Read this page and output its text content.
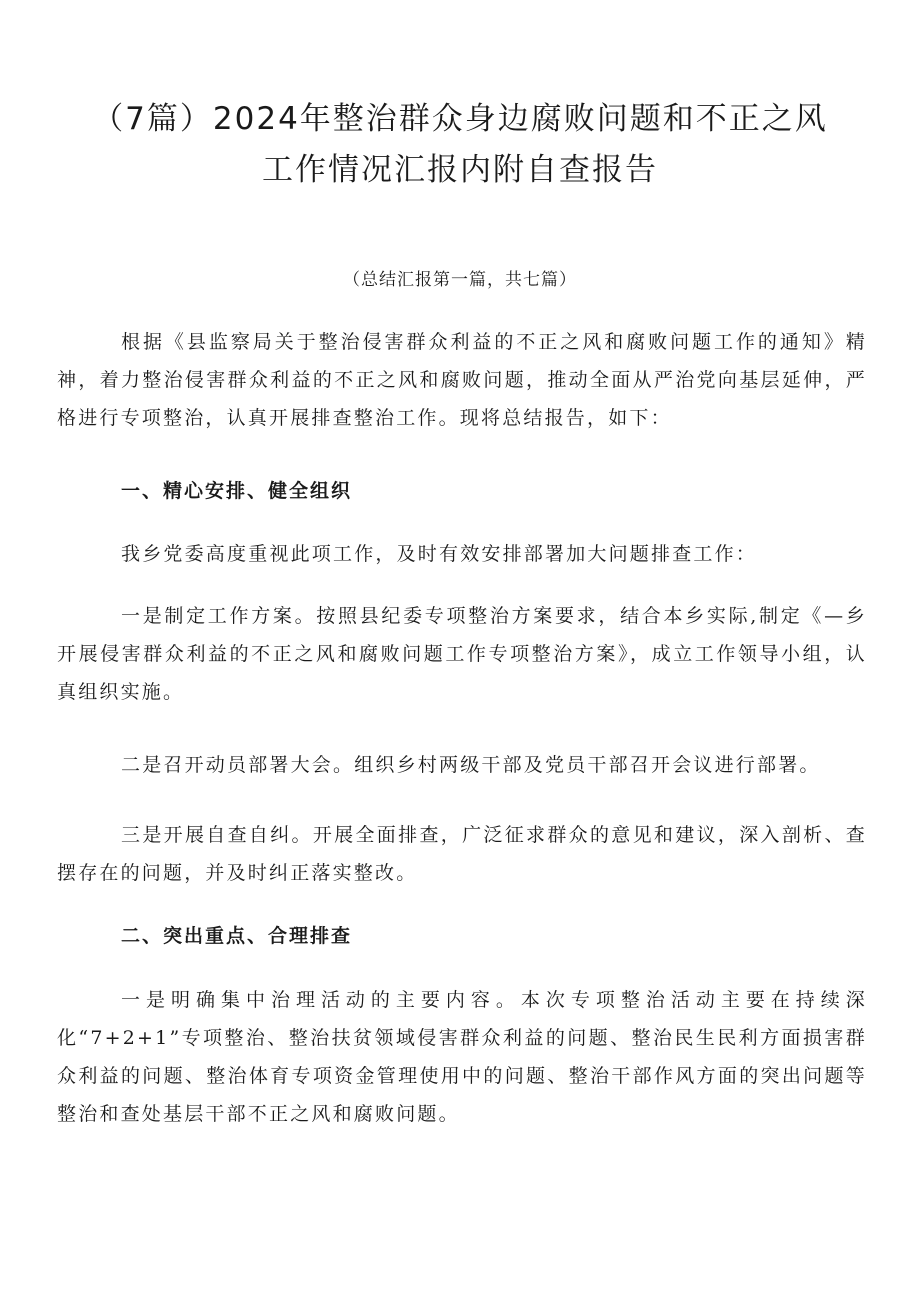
（7篇）2024年整治群众身边腐败问题和不正之风
工作情况汇报内附自查报告
（总结汇报第一篇，共七篇）

根据《县监察局关于整治侵害群众利益的不正之风和腐败问题工作的通知》精神，着力整治侵害群众利益的不正之风和腐败问题，推动全面从严治党向基层延伸，严格进行专项整治，认真开展排查整治工作。现将总结报告，如下：

一、精心安排、健全组织

我乡党委高度重视此项工作，及时有效安排部署加大问题排查工作：

一是制定工作方案。按照县纪委专项整治方案要求，结合本乡实际,制定《—乡开展侵害群众利益的不正之风和腐败问题工作专项整治方案》，成立工作领导小组，认真组织实施。

二是召开动员部署大会。组织乡村两级干部及党员干部召开会议进行部署。

三是开展自查自纠。开展全面排查，广泛征求群众的意见和建议，深入剖析、查摆存在的问题，并及时纠正落实整改。

二、突出重点、合理排查

一是明确集中治理活动的主要内容。本次专项整治活动主要在持续深化“7+2+1”专项整治、整治扶贫领域侵害群众利益的问题、整治民生民利方面损害群众利益的问题、整治体育专项资金管理使用中的问题、整治干部作风方面的突出问题等整治和查处基层干部不正之风和腐败问题。
